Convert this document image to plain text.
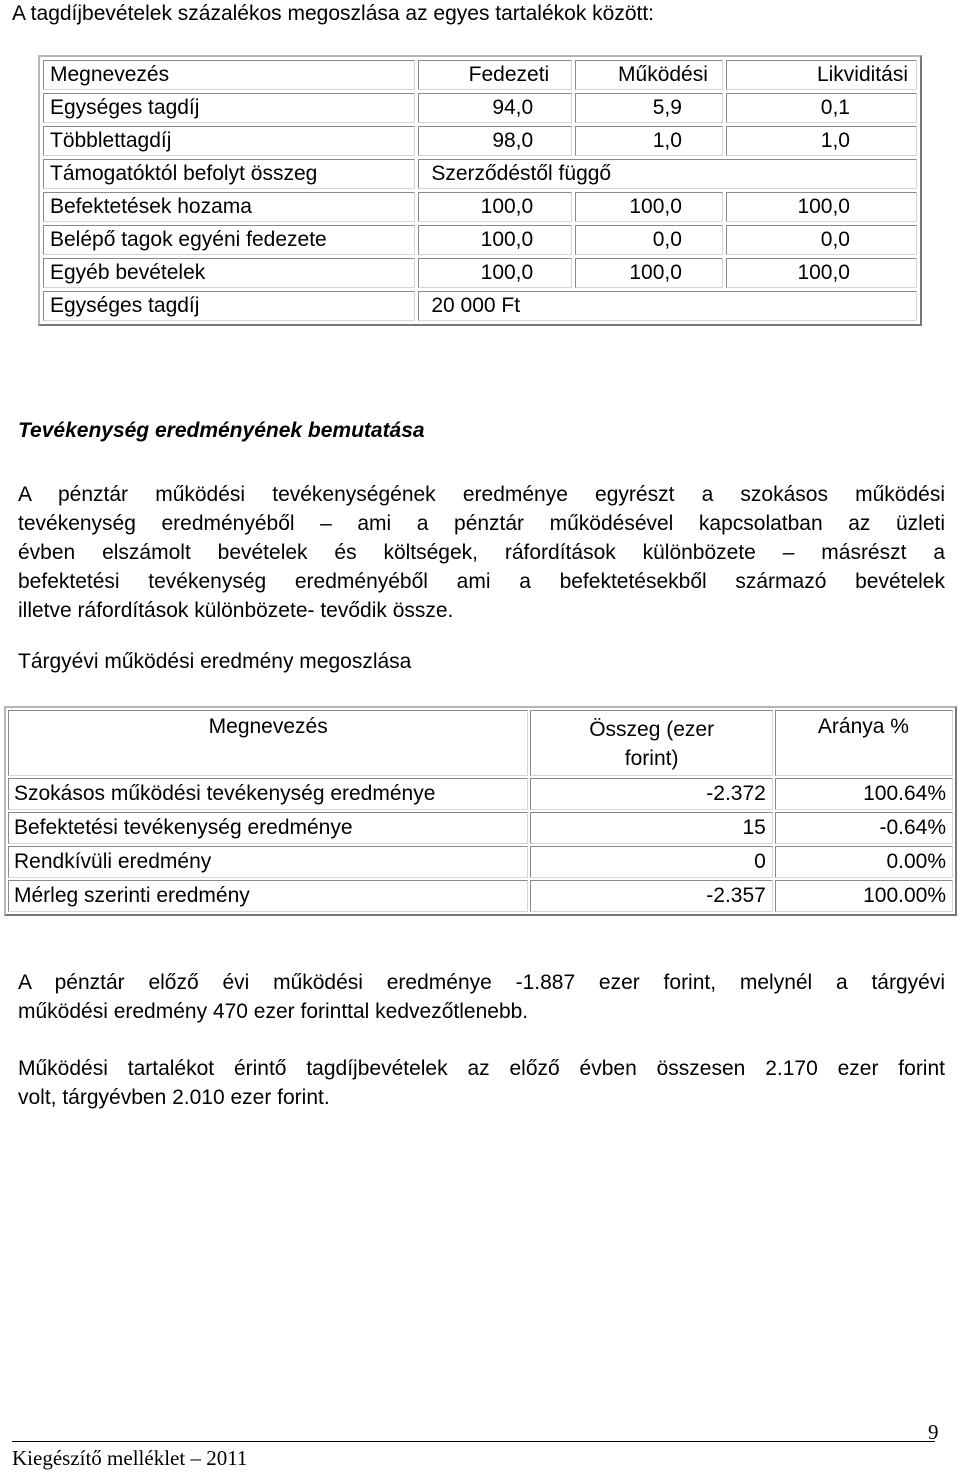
A tagdíjbevételek százalékos megoszlása az egyes tartalékok között:
Megnevezés	Fedezeti	Működési	Likviditási
Egységes tagdíj	94,0	5,9	0,1
Többlettagdíj	98,0	1,0	1,0
Támogatóktól befolyt összeg	Szerződéstől függő		
Befektetések hozama	100,0	100,0	100,0
Belépő tagok egyéni fedezete	100,0	0,0	0,0
Egyéb bevételek	100,0	100,0	100,0
Egységes tagdíj	20 000 Ft		
Tevékenység eredményének bemutatása
A pénztár működési tevékenységének eredménye egyrészt a szokásos működési
tevékenység eredményéből – ami a pénztár működésével kapcsolatban az üzleti
évben elszámolt bevételek és költségek, ráfordítások különbözete – másrészt a
befektetési tevékenység eredményéből ami a befektetésekből származó bevételek
illetve ráfordítások különbözete- tevődik össze.
Tárgyévi működési eredmény megoszlása
Megnevezés	Összeg (ezer forint)	Aránya %
Szokásos működési tevékenység eredménye	-2.372	100.64%
Befektetési tevékenység eredménye	15	-0.64%
Rendkívüli eredmény	0	0.00%
Mérleg szerinti eredmény	-2.357	100.00%
A pénztár előző évi működési eredménye -1.887 ezer forint, melynél a tárgyévi
működési eredmény 470 ezer forinttal kedvezőtlenebb.
Működési tartalékot érintő tagdíjbevételek az előző évben összesen 2.170 ezer forint
volt, tárgyévben 2.010 ezer forint.
9
Kiegészítő melléklet – 2011
